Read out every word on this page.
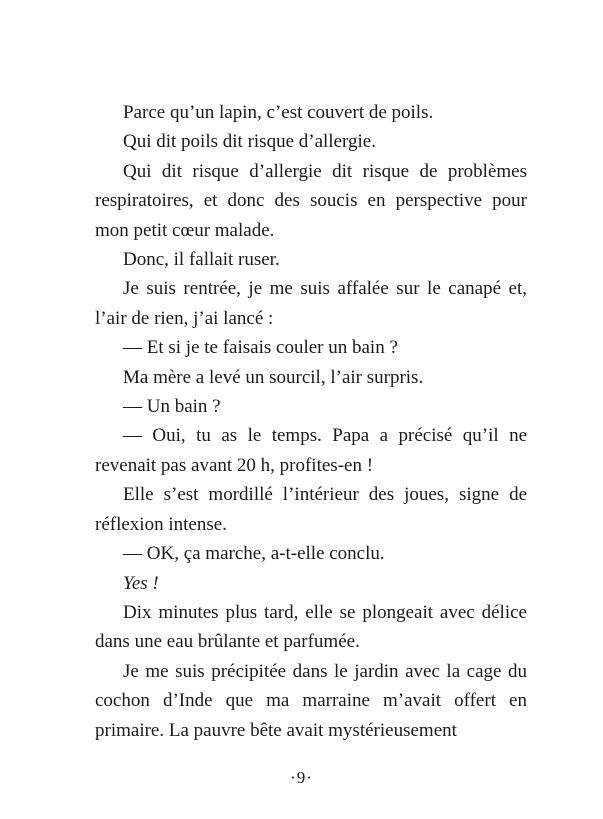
Parce qu’un lapin, c’est couvert de poils.

Qui dit poils dit risque d’allergie.

Qui dit risque d’allergie dit risque de problèmes respiratoires, et donc des soucis en perspective pour mon petit cœur malade.

Donc, il fallait ruser.

Je suis rentrée, je me suis affalée sur le canapé et, l’air de rien, j’ai lancé :

— Et si je te faisais couler un bain ?

Ma mère a levé un sourcil, l’air surpris.

— Un bain ?

— Oui, tu as le temps. Papa a précisé qu’il ne revenait pas avant 20 h, profites-en !

Elle s’est mordillé l’intérieur des joues, signe de réflexion intense.

— OK, ça marche, a-t-elle conclu.

Yes !

Dix minutes plus tard, elle se plongeait avec délice dans une eau brûlante et parfumée.

Je me suis précipitée dans le jardin avec la cage du cochon d’Inde que ma marraine m’avait offert en primaire. La pauvre bête avait mystérieusement

·9·
